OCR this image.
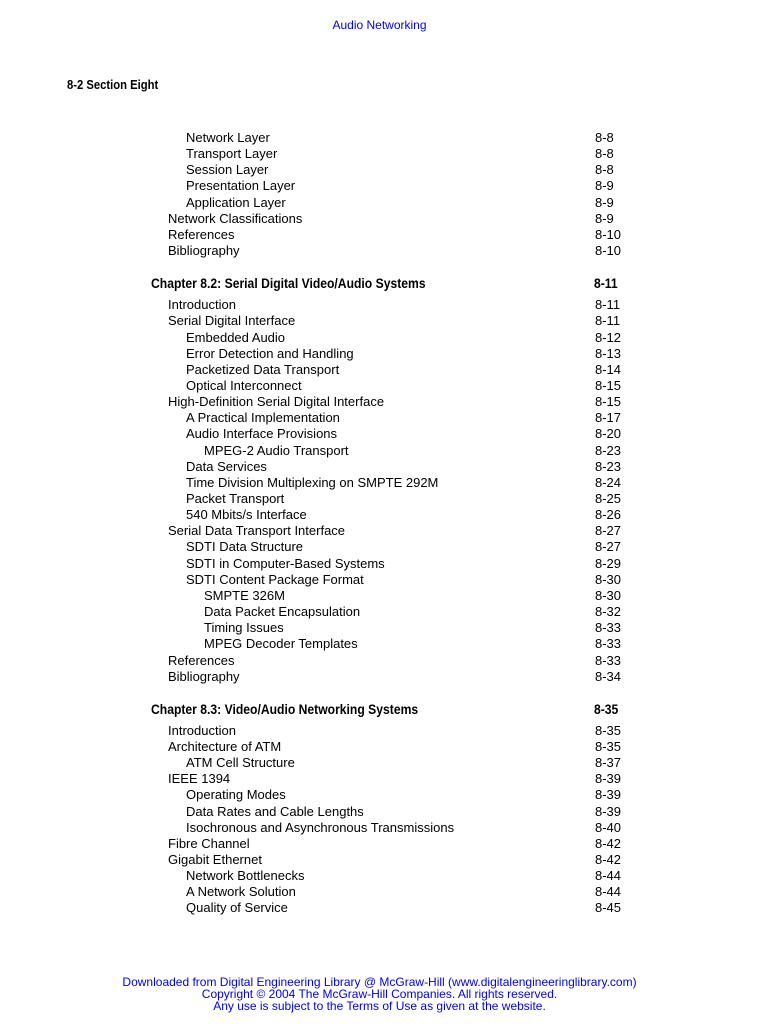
Audio Networking
8-2 Section Eight
Network Layer	8-8
Transport Layer	8-8
Session Layer	8-8
Presentation Layer	8-9
Application Layer	8-9
Network Classifications	8-9
References	8-10
Bibliography	8-10
Chapter 8.2: Serial Digital Video/Audio Systems	8-11
Introduction	8-11
Serial Digital Interface	8-11
Embedded Audio	8-12
Error Detection and Handling	8-13
Packetized Data Transport	8-14
Optical Interconnect	8-15
High-Definition Serial Digital Interface	8-15
A Practical Implementation	8-17
Audio Interface Provisions	8-20
MPEG-2 Audio Transport	8-23
Data Services	8-23
Time Division Multiplexing on SMPTE 292M	8-24
Packet Transport	8-25
540 Mbits/s Interface	8-26
Serial Data Transport Interface	8-27
SDTI Data Structure	8-27
SDTI in Computer-Based Systems	8-29
SDTI Content Package Format	8-30
SMPTE 326M	8-30
Data Packet Encapsulation	8-32
Timing Issues	8-33
MPEG Decoder Templates	8-33
References	8-33
Bibliography	8-34
Chapter 8.3: Video/Audio Networking Systems	8-35
Introduction	8-35
Architecture of ATM	8-35
ATM Cell Structure	8-37
IEEE 1394	8-39
Operating Modes	8-39
Data Rates and Cable Lengths	8-39
Isochronous and Asynchronous Transmissions	8-40
Fibre Channel	8-42
Gigabit Ethernet	8-42
Network Bottlenecks	8-44
A Network Solution	8-44
Quality of Service	8-45
Downloaded from Digital Engineering Library @ McGraw-Hill (www.digitalengineeringlibrary.com)
Copyright © 2004 The McGraw-Hill Companies. All rights reserved.
Any use is subject to the Terms of Use as given at the website.
